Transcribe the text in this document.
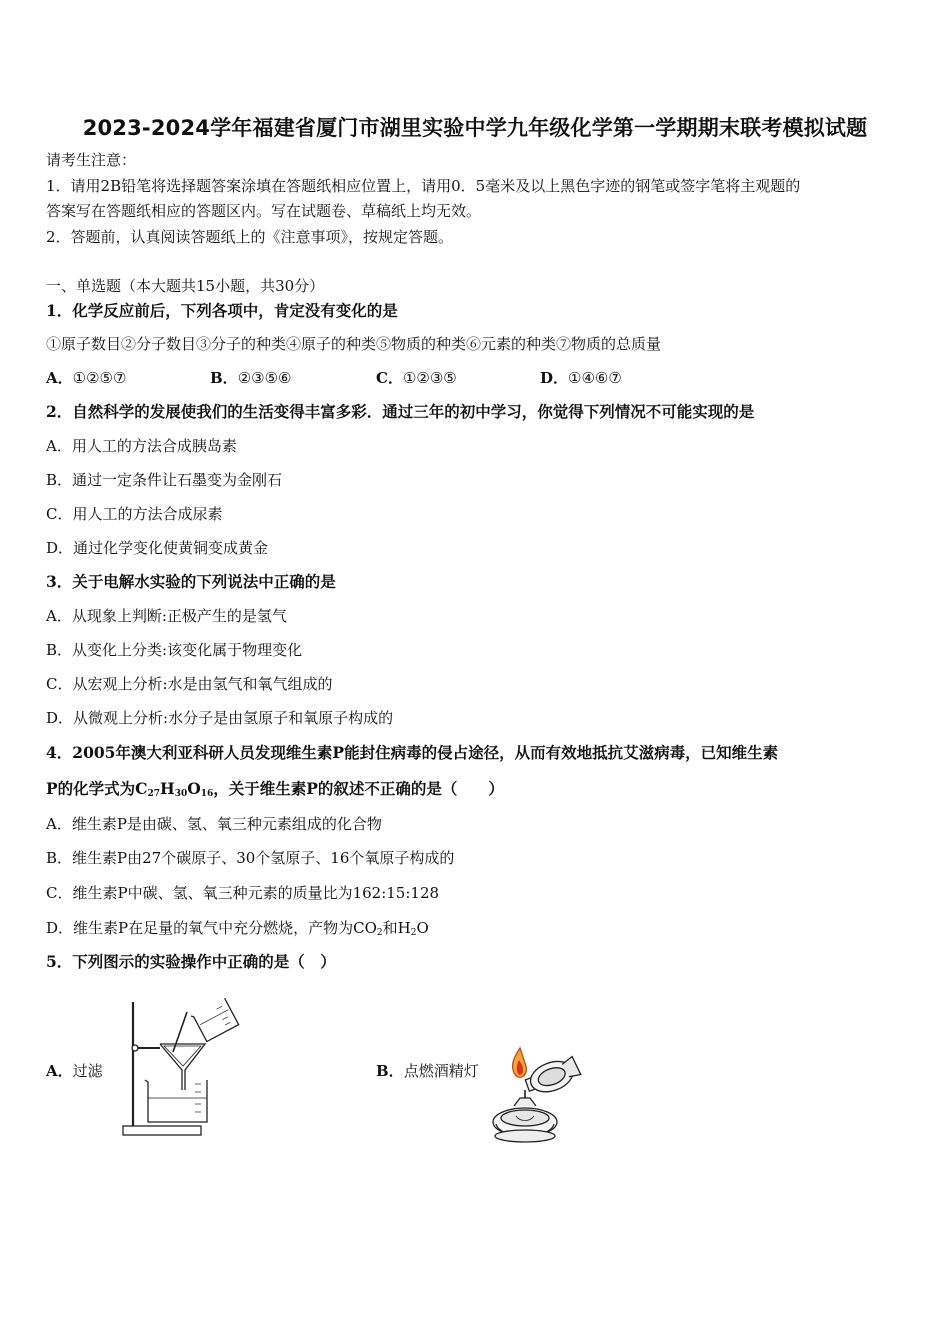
2023-2024学年福建省厦门市湖里实验中学九年级化学第一学期期末联考模拟试题
请考生注意：
1．请用2B铅笔将选择题答案涂填在答题纸相应位置上，请用0．5毫米及以上黑色字迹的钢笔或签字笔将主观题的
答案写在答题纸相应的答题区内。写在试题卷、草稿纸上均无效。
2．答题前，认真阅读答题纸上的《注意事项》，按规定答题。
一、单选题（本大题共15小题，共30分）
1．化学反应前后，下列各项中，肯定没有变化的是
①原子数目②分子数目③分子的种类④原子的种类⑤物质的种类⑥元素的种类⑦物质的总质量
A．①②⑤⑦	B．②③⑤⑥	C．①②③⑤	D．①④⑥⑦
2．自然科学的发展使我们的生活变得丰富多彩．通过三年的初中学习，你觉得下列情况不可能实现的是
A．用人工的方法合成胰岛素
B．通过一定条件让石墨变为金刚石
C．用人工的方法合成尿素
D．通过化学变化使黄铜变成黄金
3．关于电解水实验的下列说法中正确的是
A．从现象上判断:正极产生的是氢气
B．从变化上分类:该变化属于物理变化
C．从宏观上分析:水是由氢气和氧气组成的
D．从微观上分析:水分子是由氢原子和氧原子构成的
4．2005年澳大利亚科研人员发现维生素P能封住病毒的侵占途径，从而有效地抵抗艾滋病毒，已知维生素
P的化学式为$C_{27}H_{30}O_{16}$，关于维生素P的叙述不正确的是（　　）
A．维生素P是由碳、氢、氧三种元素组成的化合物
B．维生素P由27个碳原子、30个氢原子、16个氧原子构成的
C．维生素P中碳、氢、氧三种元素的质量比为162:15:128
D．维生素P在足量的氧气中充分燃烧，产物为$CO_2$和$H_2O$
5．下列图示的实验操作中正确的是（　）
A．过滤	B．点燃酒精灯
